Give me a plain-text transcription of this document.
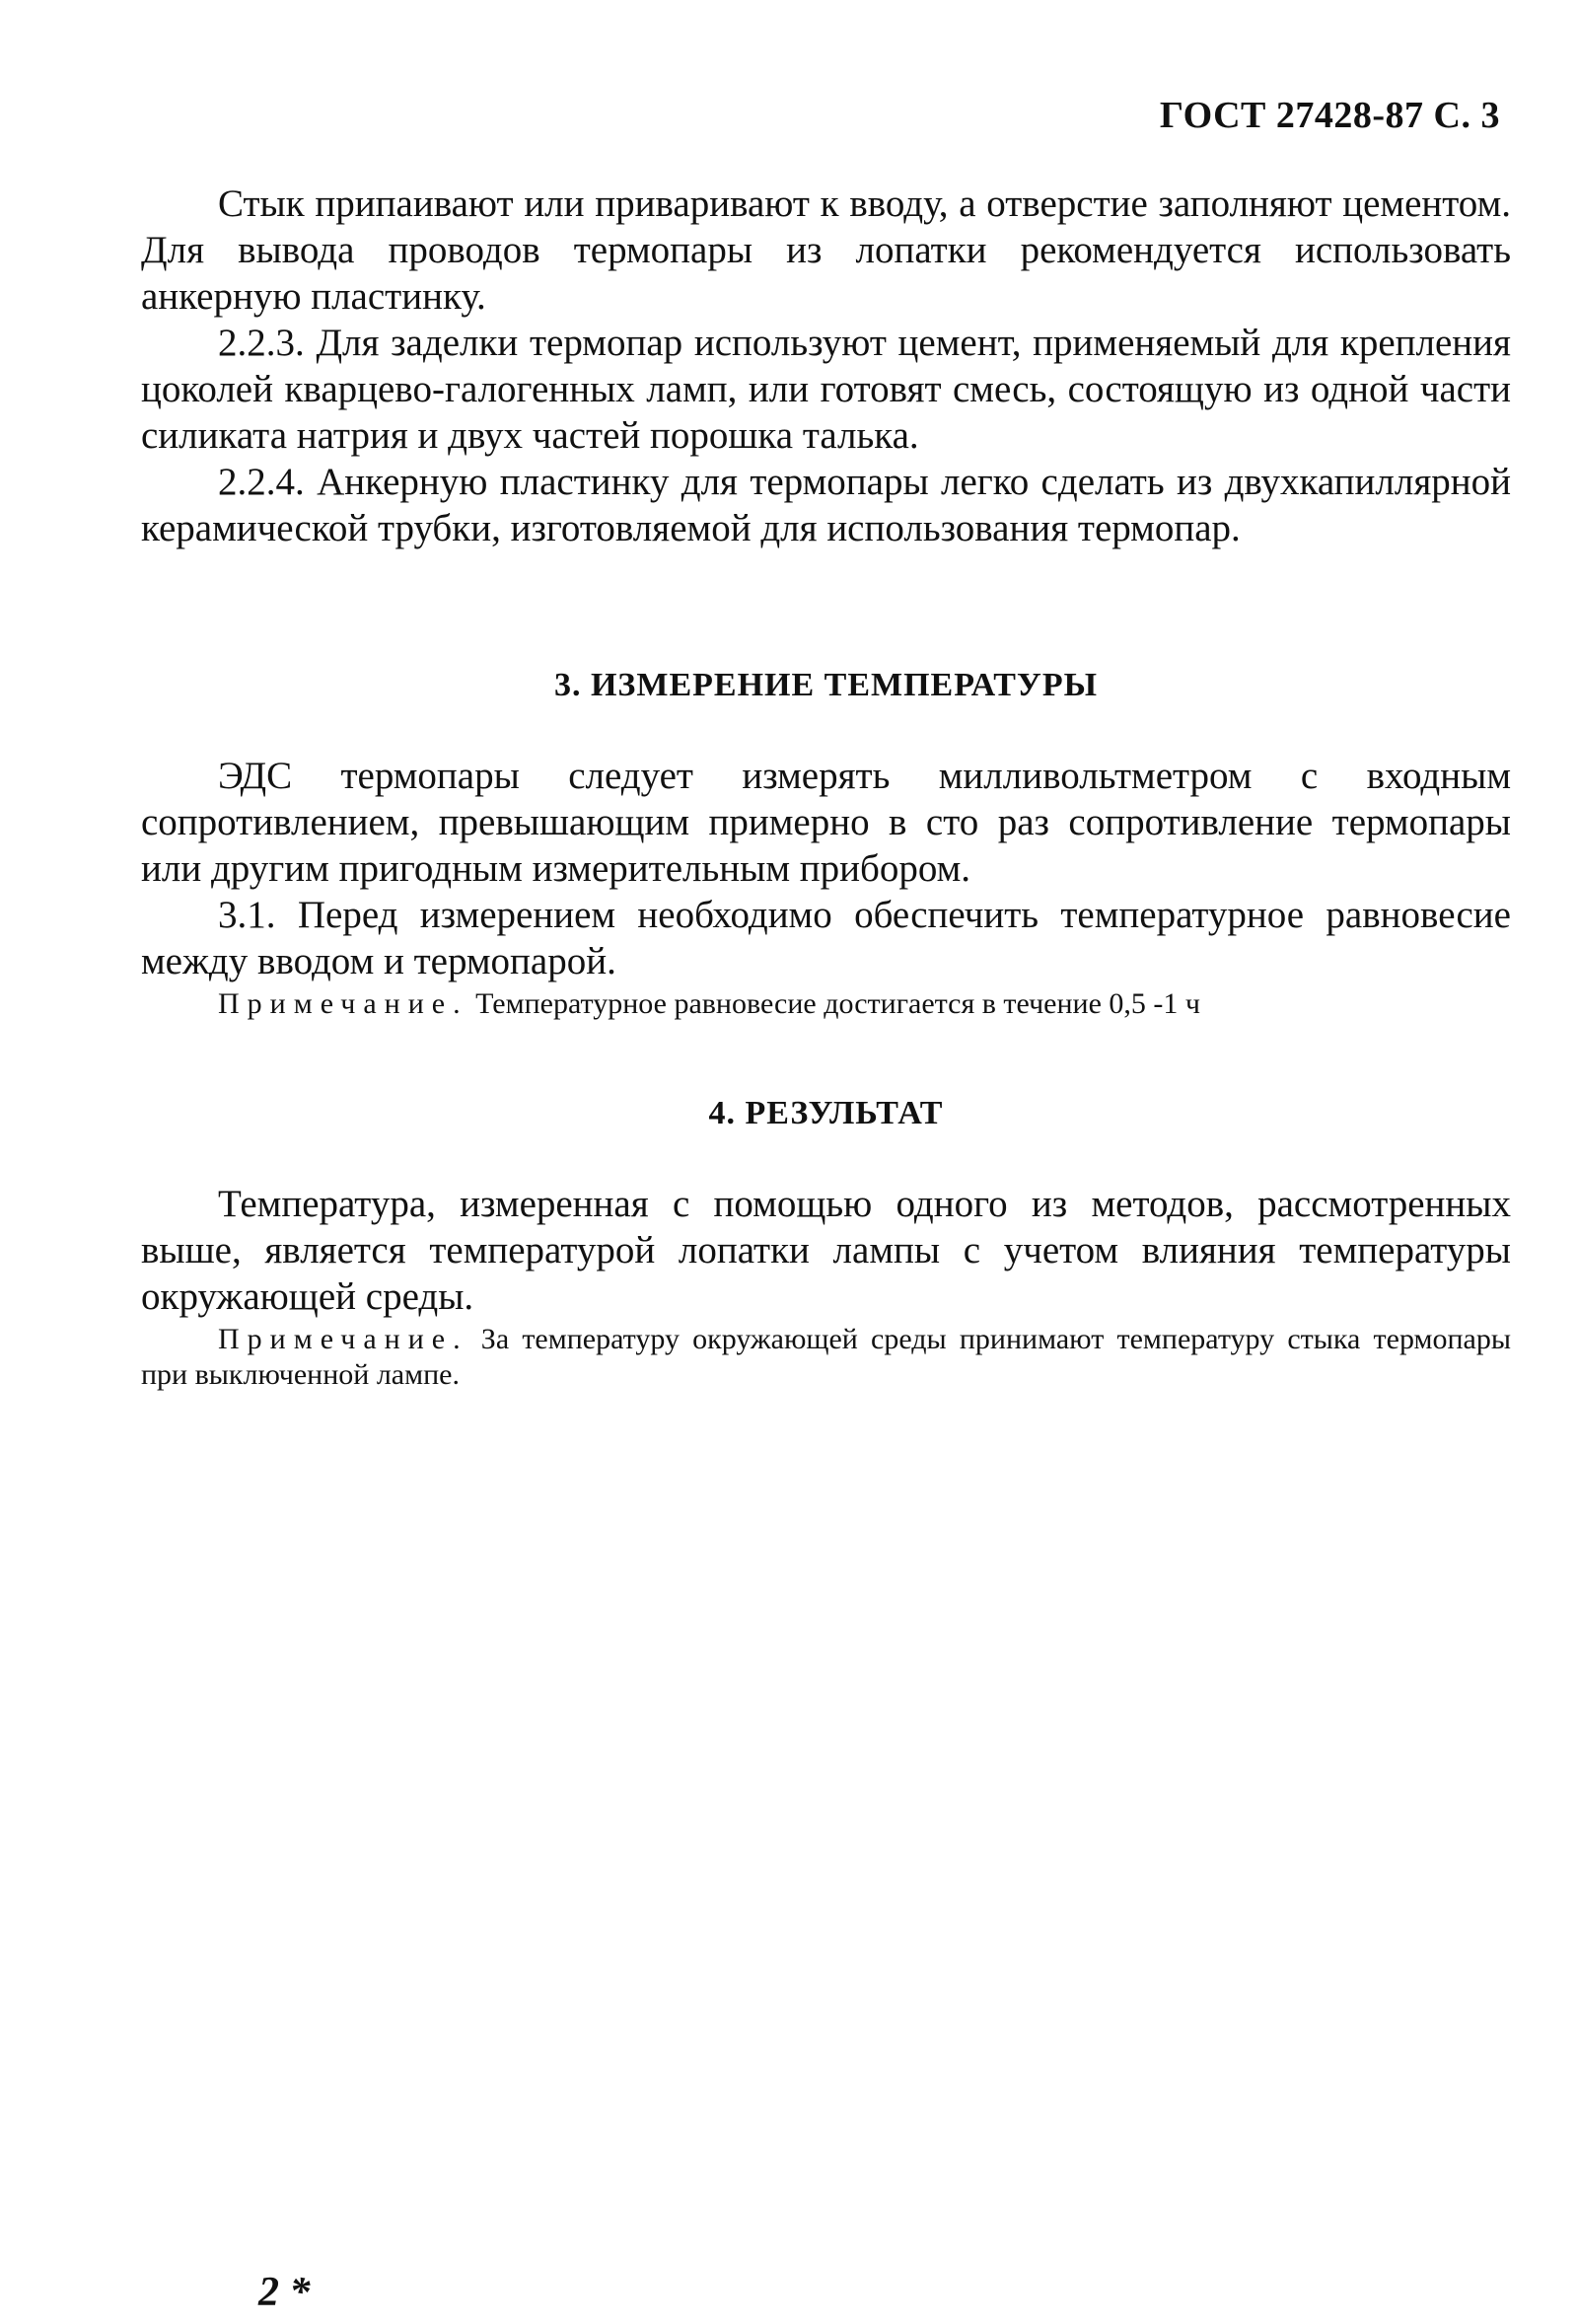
ГОСТ 27428-87 С. 3

Стык припаивают или приваривают к вводу, а отверстие заполняют цементом. Для вывода проводов термопары из лопатки рекомендуется использовать анкерную пластинку.

2.2.3. Для заделки термопар используют цемент, применяемый для крепления цоколей кварцево-галогенных ламп, или готовят смесь, состоящую из одной части силиката натрия и двух частей порошка талька.

2.2.4. Анкерную пластинку для термопары легко сделать из двухкапиллярной керамической трубки, изготовляемой для использования термопар.

3. ИЗМЕРЕНИЕ ТЕМПЕРАТУРЫ

ЭДС термопары следует измерять милливольтметром с входным сопротивлением, превышающим примерно в сто раз сопротивление термопары или другим пригодным измерительным прибором.

3.1. Перед измерением необходимо обеспечить температурное равновесие между вводом и термопарой.

Примечание. Температурное равновесие достигается в течение 0,5 -1 ч

4. РЕЗУЛЬТАТ

Температура, измеренная с помощью одного из методов, рассмотренных выше, является температурой лопатки лампы с учетом влияния температуры окружающей среды.

Примечание. За температуру окружающей среды принимают температуру стыка термопары при выключенной лампе.

2 *
